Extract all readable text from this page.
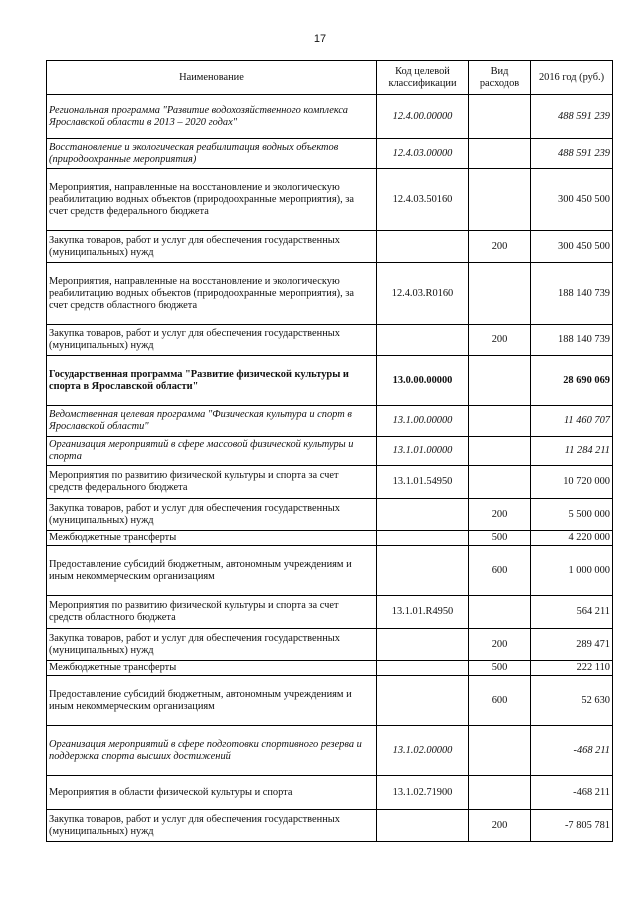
17
Наименование	Код целевой классификации	Вид расходов	2016 год (руб.)
Региональная программа "Развитие водохозяйственного комплекса Ярославской области в 2013 – 2020 годах"	12.4.00.00000		488 591 239
Восстановление и экологическая реабилитация водных объектов (природоохранные мероприятия)	12.4.03.00000		488 591 239
Мероприятия, направленные на восстановление и экологическую реабилитацию водных объектов (природоохранные мероприятия), за счет средств федерального бюджета	12.4.03.50160		300 450 500
Закупка товаров, работ и услуг для обеспечения государственных (муниципальных) нужд		200	300 450 500
Мероприятия, направленные на восстановление и экологическую реабилитацию водных объектов (природоохранные мероприятия), за счет средств областного бюджета	12.4.03.R0160		188 140 739
Закупка товаров, работ и услуг для обеспечения государственных (муниципальных) нужд		200	188 140 739
Государственная программа "Развитие физической культуры и спорта в Ярославской области"	13.0.00.00000		28 690 069
Ведомственная целевая программа "Физическая культура и спорт в Ярославской области"	13.1.00.00000		11 460 707
Организация мероприятий в сфере массовой физической культуры и спорта	13.1.01.00000		11 284 211
Мероприятия по развитию физической культуры и спорта за счет средств федерального бюджета	13.1.01.54950		10 720 000
Закупка товаров, работ и услуг для обеспечения государственных (муниципальных) нужд		200	5 500 000
Межбюджетные трансферты		500	4 220 000
Предоставление субсидий бюджетным, автономным учреждениям и иным некоммерческим организациям		600	1 000 000
Мероприятия по развитию физической культуры и спорта за счет средств областного бюджета	13.1.01.R4950		564 211
Закупка товаров, работ и услуг для обеспечения государственных (муниципальных) нужд		200	289 471
Межбюджетные трансферты		500	222 110
Предоставление субсидий бюджетным, автономным учреждениям и иным некоммерческим организациям		600	52 630
Организация мероприятий в сфере подготовки спортивного резерва и поддержка спорта высших достижений	13.1.02.00000		-468 211
Мероприятия в области физической культуры и спорта	13.1.02.71900		-468 211
Закупка товаров, работ и услуг для обеспечения государственных (муниципальных) нужд		200	-7 805 781
